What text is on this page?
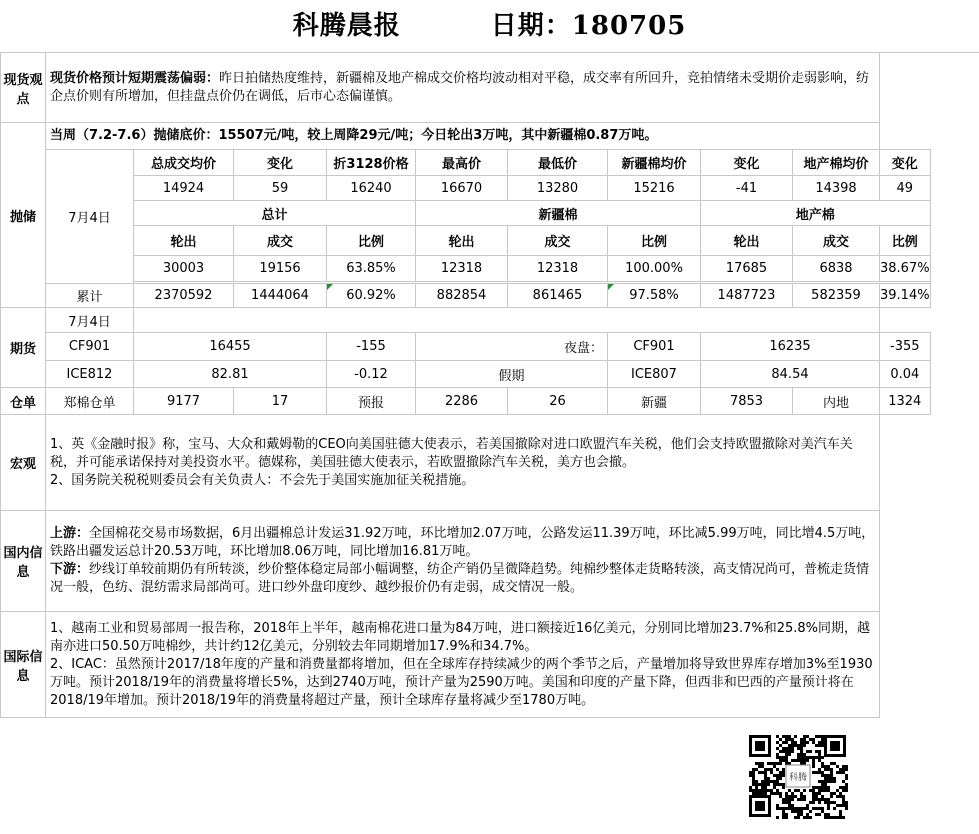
科腾晨报	日期：180705
现货观点	现货价格预计短期震荡偏弱：昨日拍储热度维持，新疆棉及地产棉成交价格均波动相对平稳，成交率有所回升，竞拍情绪未受期价走弱影响，纺企点价则有所增加，但挂盘点价仍在调低，后市心态偏谨慎。									
抛储	当周（7.2-7.6）抛储底价：15507元/吨，较上周降29元/吨；今日轮出3万吨，其中新疆棉0.87万吨。									
	7月4日	总成交均价	变化	折3128价格	最高价	最低价	新疆棉均价	变化	地产棉均价	变化
		14924	59	16240	16670	13280	15216	-41	14398	49
		总计			新疆棉			地产棉		
		轮出	成交	比例	轮出	成交	比例	轮出	成交	比例
		30003	19156	63.85%	12318	12318	100.00%	17685	6838	38.67%

	累计	2370592	1444064	60.92%	882854	861465	97.58%	1487723	582359	39.14%
期货	7月4日									
	CF901	16455		-155	夜盘：		CF901	16235		-355
	ICE812	82.81		-0.12	假期		ICE807	84.54		0.04
仓单	郑棉仓单	9177	17	预报	2286	26	新疆	7853	内地	1324
宏观	1、英《金融时报》称，宝马、大众和戴姆勒的CEO向美国驻德大使表示，若美国撤除对进口欧盟汽车关税，他们会支持欧盟撤除对美汽车关税，并可能承诺保持对美投资水平。德媒称，美国驻德大使表示，若欧盟撤除汽车关税，美方也会撤。
2、国务院关税税则委员会有关负责人：不会先于美国实施加征关税措施。									

国内信息	上游：全国棉花交易市场数据，6月出疆棉总计发运31.92万吨，环比增加2.07万吨，公路发运11.39万吨，环比减5.99万吨，同比增4.5万吨，铁路出疆发运总计20.53万吨，环比增加8.06万吨，同比增加16.81万吨。
下游：纱线订单较前期仍有所转淡，纱价整体稳定局部小幅调整，纺企产销仍呈微降趋势。纯棉纱整体走货略转淡，高支情况尚可，普梳走货情况一般，色纺、混纺需求局部尚可。进口纱外盘印度纱、越纱报价仍有走弱，成交情况一般。									

国际信息	1、越南工业和贸易部周一报告称，2018年上半年，越南棉花进口量为84万吨，进口额接近16亿美元，分别同比增加23.7%和25.8%同期，越南亦进口50.50万吨棉纱，共计约12亿美元，分别较去年同期增加17.9%和34.7%。
2、ICAC：虽然预计2017/18年度的产量和消费量都将增加，但在全球库存持续减少的两个季节之后，产量增加将导致世界库存增加3%至1930万吨。预计2018/19年的消费量将增长5%，达到2740万吨，预计产量为2590万吨。美国和印度的产量下降，但西非和巴西的产量预计将在2018/19年增加。预计2018/19年的消费量将超过产量，预计全球库存量将减少至1780万吨。									
科腾
